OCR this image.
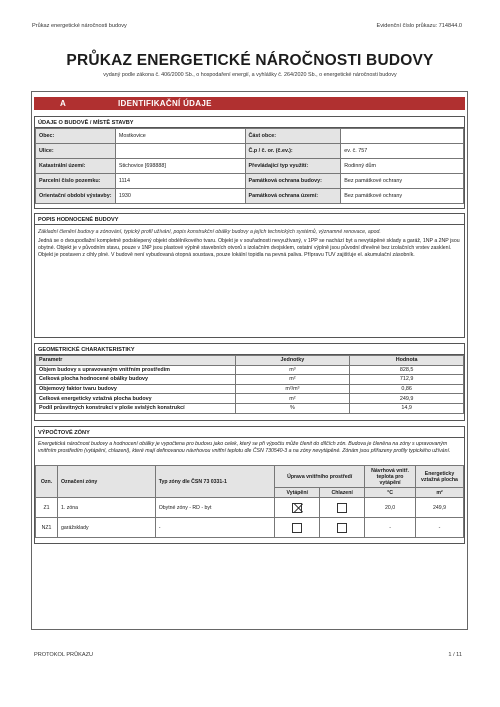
Průkaz energetické náročnosti budovy	Evidenční číslo průkazu: 714844.0
PRŮKAZ ENERGETICKÉ NÁROČNOSTI BUDOVY
vydaný podle zákona č. 406/2000 Sb., o hospodaření energií, a vyhlášky č. 264/2020 Sb., o energetické náročnosti budovy
A	IDENTIFIKAČNÍ ÚDAJE
ÚDAJE O BUDOVĚ / MÍSTĚ STAVBY
Obec:	Mostkovice	Část obce:	
Ulice:		Č.p / č. or. (č.ev.):	ev. č. 757
Katastrální území:	Stichovice [698888]	Převládající typ využití:	Rodinný dům
Parcelní číslo pozemku:	1114	Památková ochrana budovy:	Bez památkové ochrany
Orientační období výstavby:	1930	Památková ochrana území:	Bez památkové ochrany
POPIS HODNOCENÉ BUDOVY
Základní členění budovy a zónování, typický profil užívání, popis konstrukční obálky budovy a jejích technických systémů, významné renovace, apod.
Jedná se o dvoupodlažní kompletně podsklepený objekt obdélníkového tvaru. Objekt je v souřadnosti nevyužívaný, v 1PP se nachází byt a nevytápěné sklady a garáž, 1NP a 2NP jsou obytné. Objekt je v původním stavu, pouze v 1NP jsou plastové výplně stavebních otvorů s izolačním dvojsklem, ostatní výplně jsou původní dřevěné bez izolačních vrstev zasklení. Objekt je postaven z cihly plné. V budově není vybudovaná otopná soustava, pouze lokální topidla na pevná paliva. Přípravu TUV zajišťuje el. akumulační zásobník.
GEOMETRICKÉ CHARAKTERISTIKY
Parametr	Jednotky	Hodnota
Objem budovy s upravovaným vnitřním prostředím	m³	828,5
Celková plocha hodnocené obálky budovy	m²	712,9
Objemový faktor tvaru budovy	m²/m³	0,86
Celková energeticky vztažná plocha budovy	m²	249,9
Podíl průsvitných konstrukcí v ploše svislých konstrukcí	%	14,9
VÝPOČTOVÉ ZÓNY
Energetická náročnost budovy a hodnocení obálky je vypočtena pro budovu jako celek, který se při výpočtu může členit do dílčích zón. Budova je členěna na zóny s upravovaným vnitřním prostředím (vytápění, chlazení), které mají definovanou návrhovou vnitřní teplotu dle ČSN 730540-3 a na zóny nevytápěné. Zónám jsou přiřazeny profily typického užívání.
Ozn.	Označení zóny	Typ zóny dle ČSN 73 0331-1	Úprava vnitřního prostředí		Návrhová vnitř. teplota pro vytápění	Energeticky vztažná plocha
			Vytápění	Chlazení	°C	m²
Z1	1. zóna	Obytné zóny - RD - byt			20,0	249,9
NZ1	garážsklady	-			-	-
PROTOKOL PRŮKAZU	1 / 11
